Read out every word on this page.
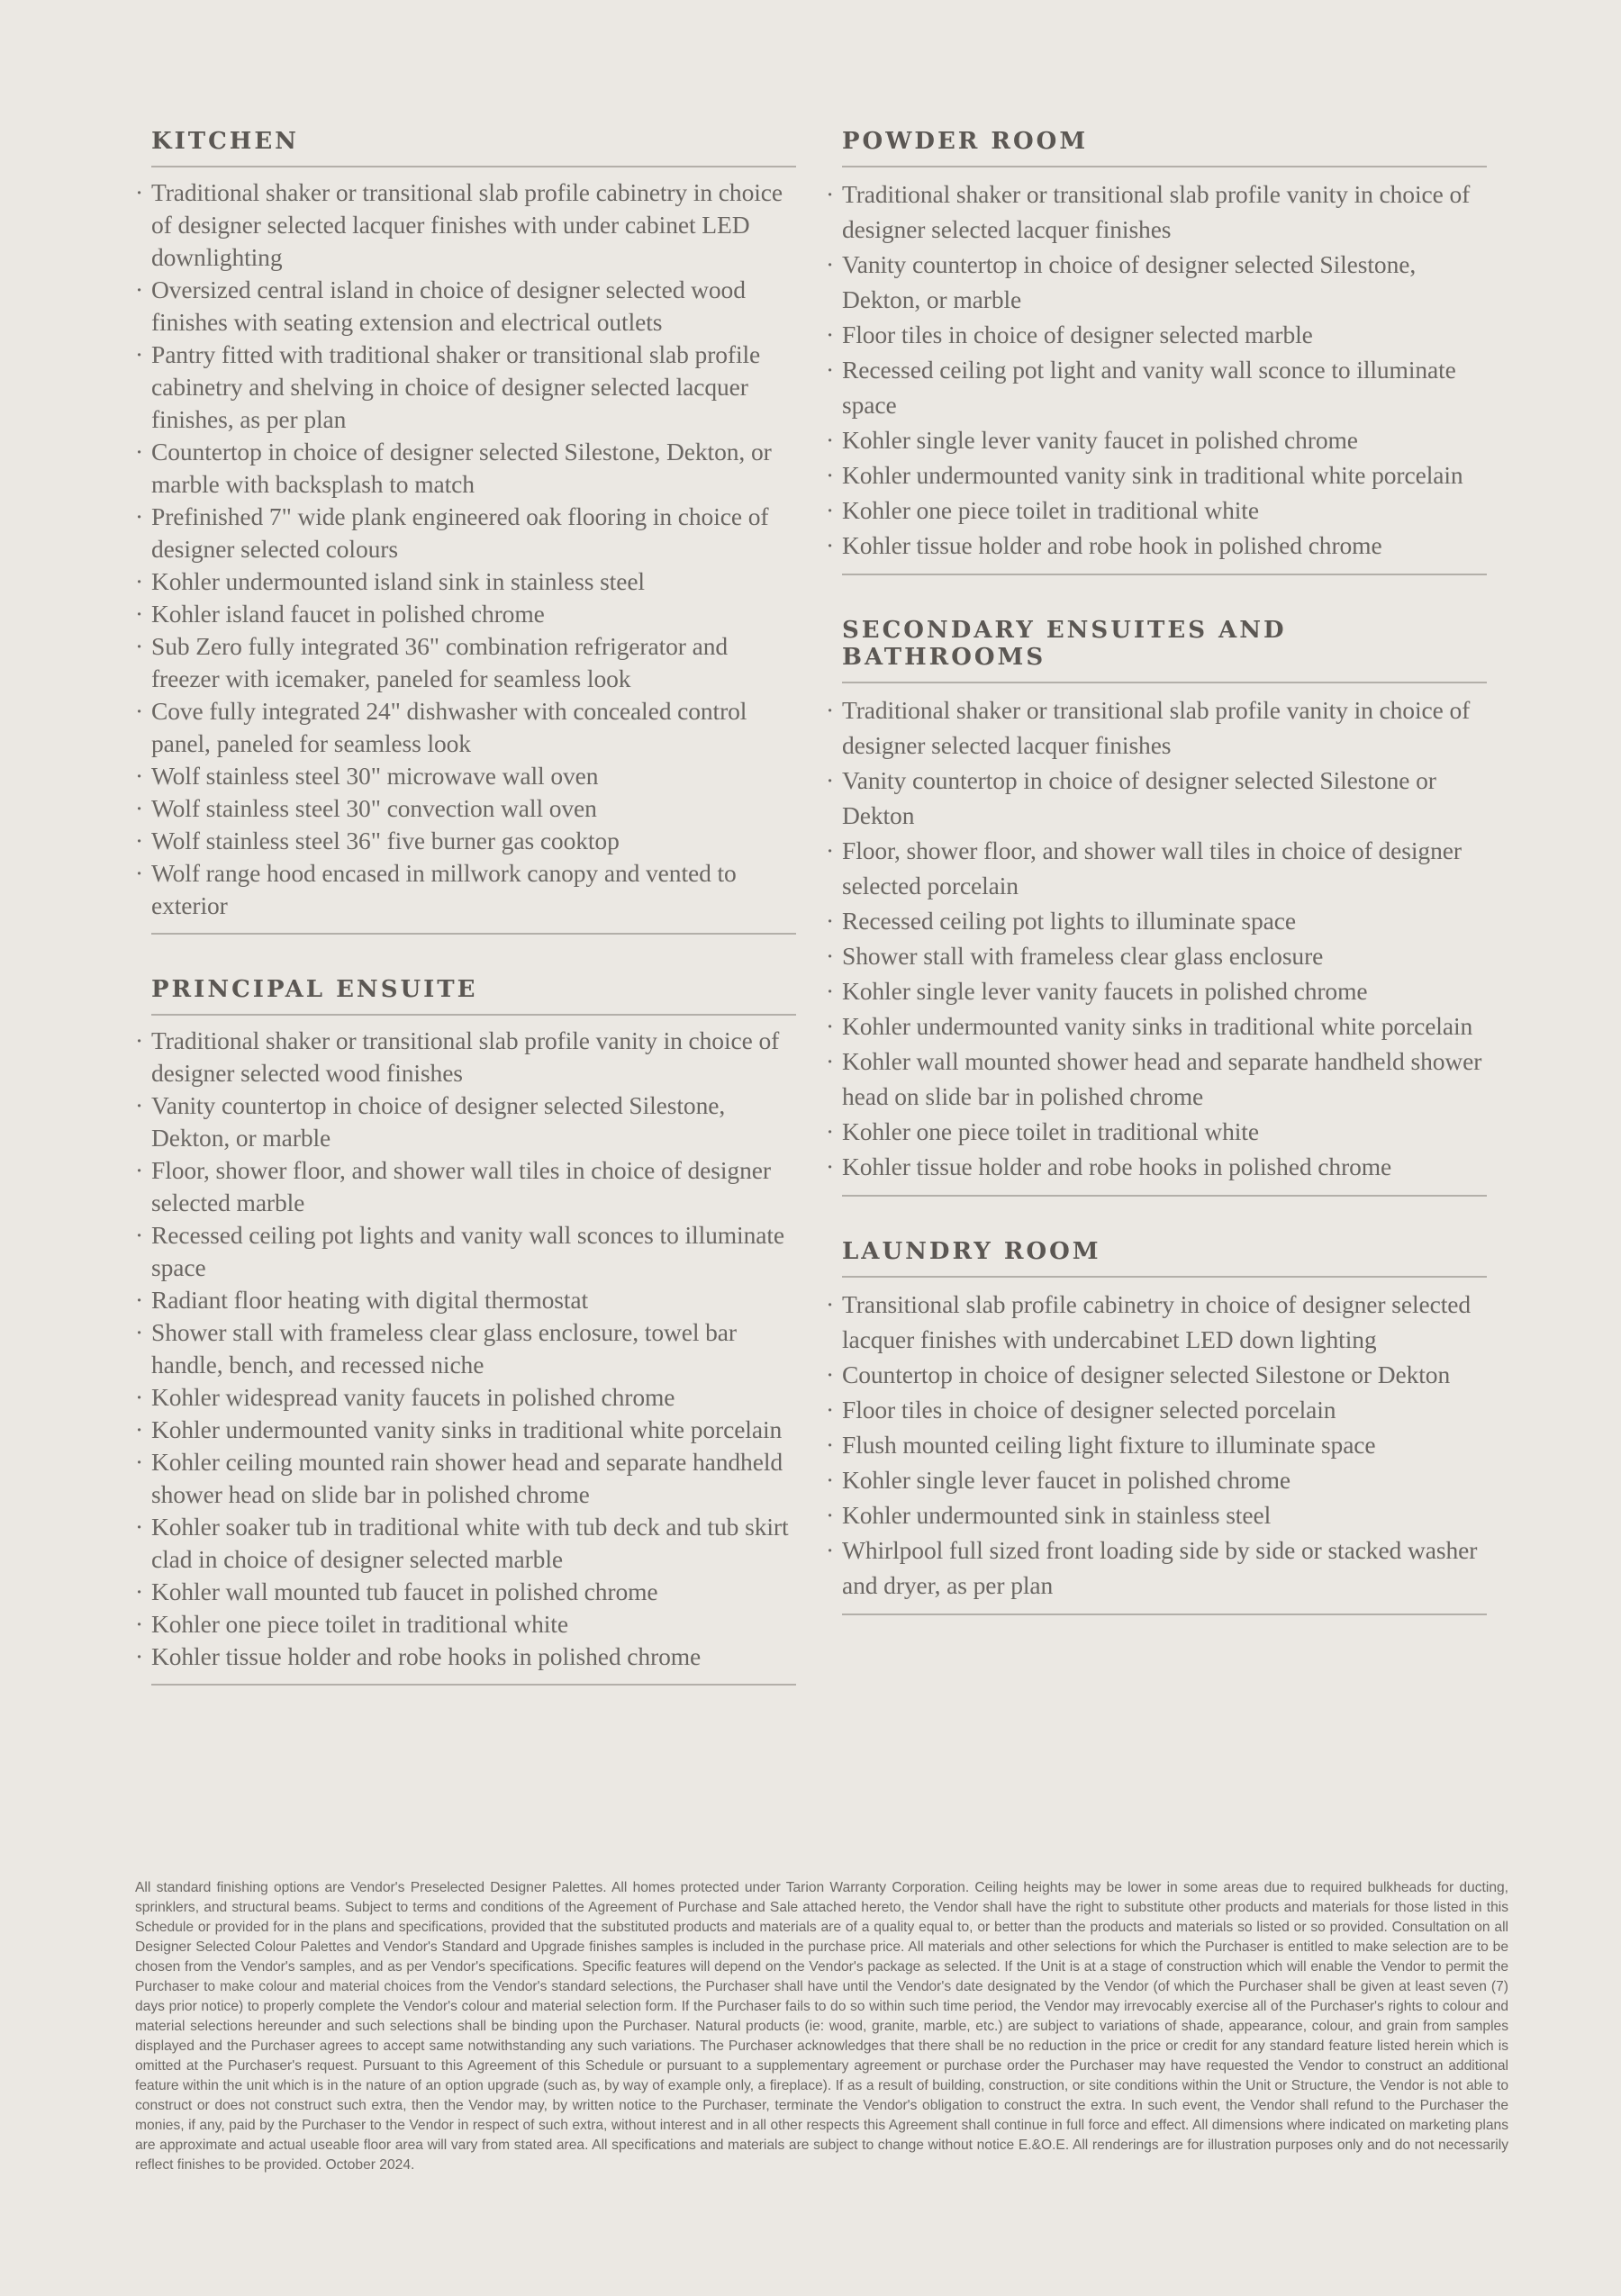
KITCHEN
· Traditional shaker or transitional slab profile cabinetry in choice of designer selected lacquer finishes with under cabinet LED downlighting
· Oversized central island in choice of designer selected wood finishes with seating extension and electrical outlets
· Pantry fitted with traditional shaker or transitional slab profile cabinetry and shelving in choice of designer selected lacquer finishes, as per plan
· Countertop in choice of designer selected Silestone, Dekton, or marble with backsplash to match
· Prefinished 7" wide plank engineered oak flooring in choice of designer selected colours
· Kohler undermounted island sink in stainless steel
· Kohler island faucet in polished chrome
· Sub Zero fully integrated 36" combination refrigerator and freezer with icemaker, paneled for seamless look
· Cove fully integrated 24" dishwasher with concealed control panel, paneled for seamless look
· Wolf stainless steel 30" microwave wall oven
· Wolf stainless steel 30" convection wall oven
· Wolf stainless steel 36" five burner gas cooktop
· Wolf range hood encased in millwork canopy and vented to exterior
PRINCIPAL ENSUITE
· Traditional shaker or transitional slab profile vanity in choice of designer selected wood finishes
· Vanity countertop in choice of designer selected Silestone, Dekton, or marble
· Floor, shower floor, and shower wall tiles in choice of designer selected marble
· Recessed ceiling pot lights and vanity wall sconces to illuminate space
· Radiant floor heating with digital thermostat
· Shower stall with frameless clear glass enclosure, towel bar handle, bench, and recessed niche
· Kohler widespread vanity faucets in polished chrome
· Kohler undermounted vanity sinks in traditional white porcelain
· Kohler ceiling mounted rain shower head and separate handheld shower head on slide bar in polished chrome
· Kohler soaker tub in traditional white with tub deck and tub skirt clad in choice of designer selected marble
· Kohler wall mounted tub faucet in polished chrome
· Kohler one piece toilet in traditional white
· Kohler tissue holder and robe hooks in polished chrome
POWDER ROOM
· Traditional shaker or transitional slab profile vanity in choice of designer selected lacquer finishes
· Vanity countertop in choice of designer selected Silestone, Dekton, or marble
· Floor tiles in choice of designer selected marble
· Recessed ceiling pot light and vanity wall sconce to illuminate space
· Kohler single lever vanity faucet in polished chrome
· Kohler undermounted vanity sink in traditional white porcelain
· Kohler one piece toilet in traditional white
· Kohler tissue holder and robe hook in polished chrome
SECONDARY ENSUITES AND BATHROOMS
· Traditional shaker or transitional slab profile vanity in choice of designer selected lacquer finishes
· Vanity countertop in choice of designer selected Silestone or Dekton
· Floor, shower floor, and shower wall tiles in choice of designer selected porcelain
· Recessed ceiling pot lights to illuminate space
· Shower stall with frameless clear glass enclosure
· Kohler single lever vanity faucets in polished chrome
· Kohler undermounted vanity sinks in traditional white porcelain
· Kohler wall mounted shower head and separate handheld shower head on slide bar in polished chrome
· Kohler one piece toilet in traditional white
· Kohler tissue holder and robe hooks in polished chrome
LAUNDRY ROOM
· Transitional slab profile cabinetry in choice of designer selected lacquer finishes with undercabinet LED down lighting
· Countertop in choice of designer selected Silestone or Dekton
· Floor tiles in choice of designer selected porcelain
· Flush mounted ceiling light fixture to illuminate space
· Kohler single lever faucet in polished chrome
· Kohler undermounted sink in stainless steel
· Whirlpool full sized front loading side by side or stacked washer and dryer, as per plan

All standard finishing options are Vendor's Preselected Designer Palettes. All homes protected under Tarion Warranty Corporation. Ceiling heights may be lower in some areas due to required bulkheads for ducting, sprinklers, and structural beams. Subject to terms and conditions of the Agreement of Purchase and Sale attached hereto, the Vendor shall have the right to substitute other products and materials for those listed in this Schedule or provided for in the plans and specifications, provided that the substituted products and materials are of a quality equal to, or better than the products and materials so listed or so provided. Consultation on all Designer Selected Colour Palettes and Vendor's Standard and Upgrade finishes samples is included in the purchase price. All materials and other selections for which the Purchaser is entitled to make selection are to be chosen from the Vendor's samples, and as per Vendor's specifications. Specific features will depend on the Vendor's package as selected. If the Unit is at a stage of construction which will enable the Vendor to permit the Purchaser to make colour and material choices from the Vendor's standard selections, the Purchaser shall have until the Vendor's date designated by the Vendor (of which the Purchaser shall be given at least seven (7) days prior notice) to properly complete the Vendor's colour and material selection form. If the Purchaser fails to do so within such time period, the Vendor may irrevocably exercise all of the Purchaser's rights to colour and material selections hereunder and such selections shall be binding upon the Purchaser. Natural products (ie: wood, granite, marble, etc.) are subject to variations of shade, appearance, colour, and grain from samples displayed and the Purchaser agrees to accept same notwithstanding any such variations. The Purchaser acknowledges that there shall be no reduction in the price or credit for any standard feature listed herein which is omitted at the Purchaser's request. Pursuant to this Agreement of this Schedule or pursuant to a supplementary agreement or purchase order the Purchaser may have requested the Vendor to construct an additional feature within the unit which is in the nature of an option upgrade (such as, by way of example only, a fireplace). If as a result of building, construction, or site conditions within the Unit or Structure, the Vendor is not able to construct or does not construct such extra, then the Vendor may, by written notice to the Purchaser, terminate the Vendor's obligation to construct the extra. In such event, the Vendor shall refund to the Purchaser the monies, if any, paid by the Purchaser to the Vendor in respect of such extra, without interest and in all other respects this Agreement shall continue in full force and effect. All dimensions where indicated on marketing plans are approximate and actual useable floor area will vary from stated area. All specifications and materials are subject to change without notice E.&O.E. All renderings are for illustration purposes only and do not necessarily reflect finishes to be provided. October 2024.
